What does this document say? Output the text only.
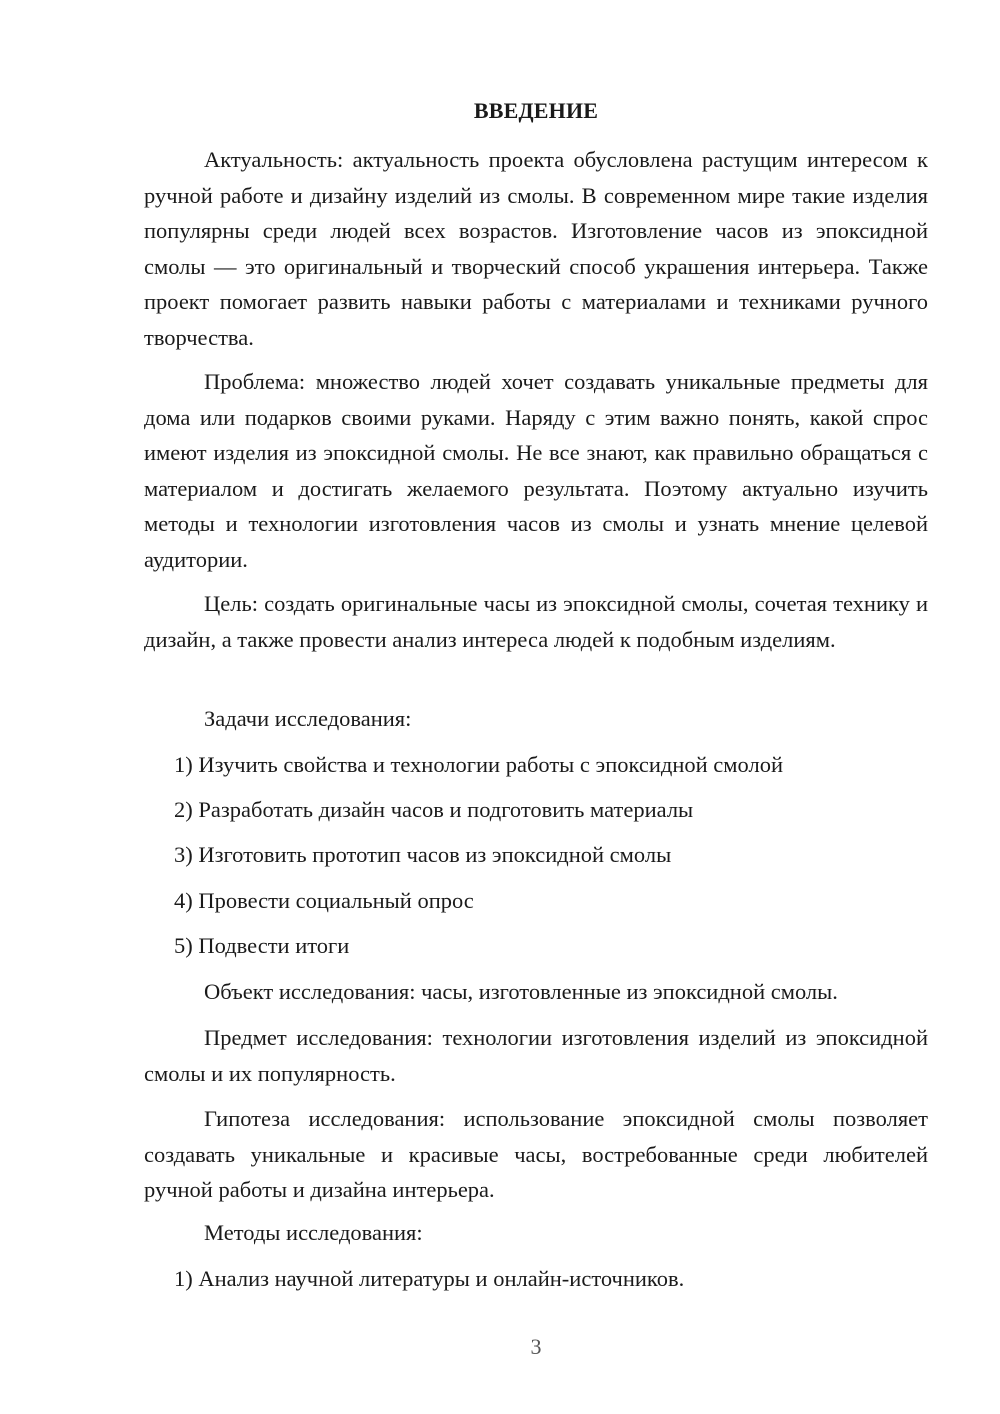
ВВЕДЕНИЕ

Актуальность: актуальность проекта обусловлена растущим интересом к ручной работе и дизайну изделий из смолы. В современном мире такие изделия популярны среди людей всех возрастов. Изготовление часов из эпоксидной смолы — это оригинальный и творческий способ украшения интерьера. Также проект помогает развить навыки работы с материалами и техниками ручного творчества.

Проблема: множество людей хочет создавать уникальные предметы для дома или подарков своими руками. Наряду с этим важно понять, какой спрос имеют изделия из эпоксидной смолы. Не все знают, как правильно обращаться с материалом и достигать желаемого результата. Поэтому актуально изучить методы и технологии изготовления часов из смолы и узнать мнение целевой аудитории.

Цель: создать оригинальные часы из эпоксидной смолы, сочетая технику и дизайн, а также провести анализ интереса людей к подобным изделиям.

Задачи исследования:
1) Изучить свойства и технологии работы с эпоксидной смолой
2) Разработать дизайн часов и подготовить материалы
3) Изготовить прототип часов из эпоксидной смолы
4) Провести социальный опрос
5) Подвести итоги
Объект исследования: часы, изготовленные из эпоксидной смолы.

Предмет исследования: технологии изготовления изделий из эпоксидной смолы и их популярность.

Гипотеза исследования: использование эпоксидной смолы позволяет создавать уникальные и красивые часы, востребованные среди любителей ручной работы и дизайна интерьера.

Методы исследования:
1) Анализ научной литературы и онлайн-источников.
3
